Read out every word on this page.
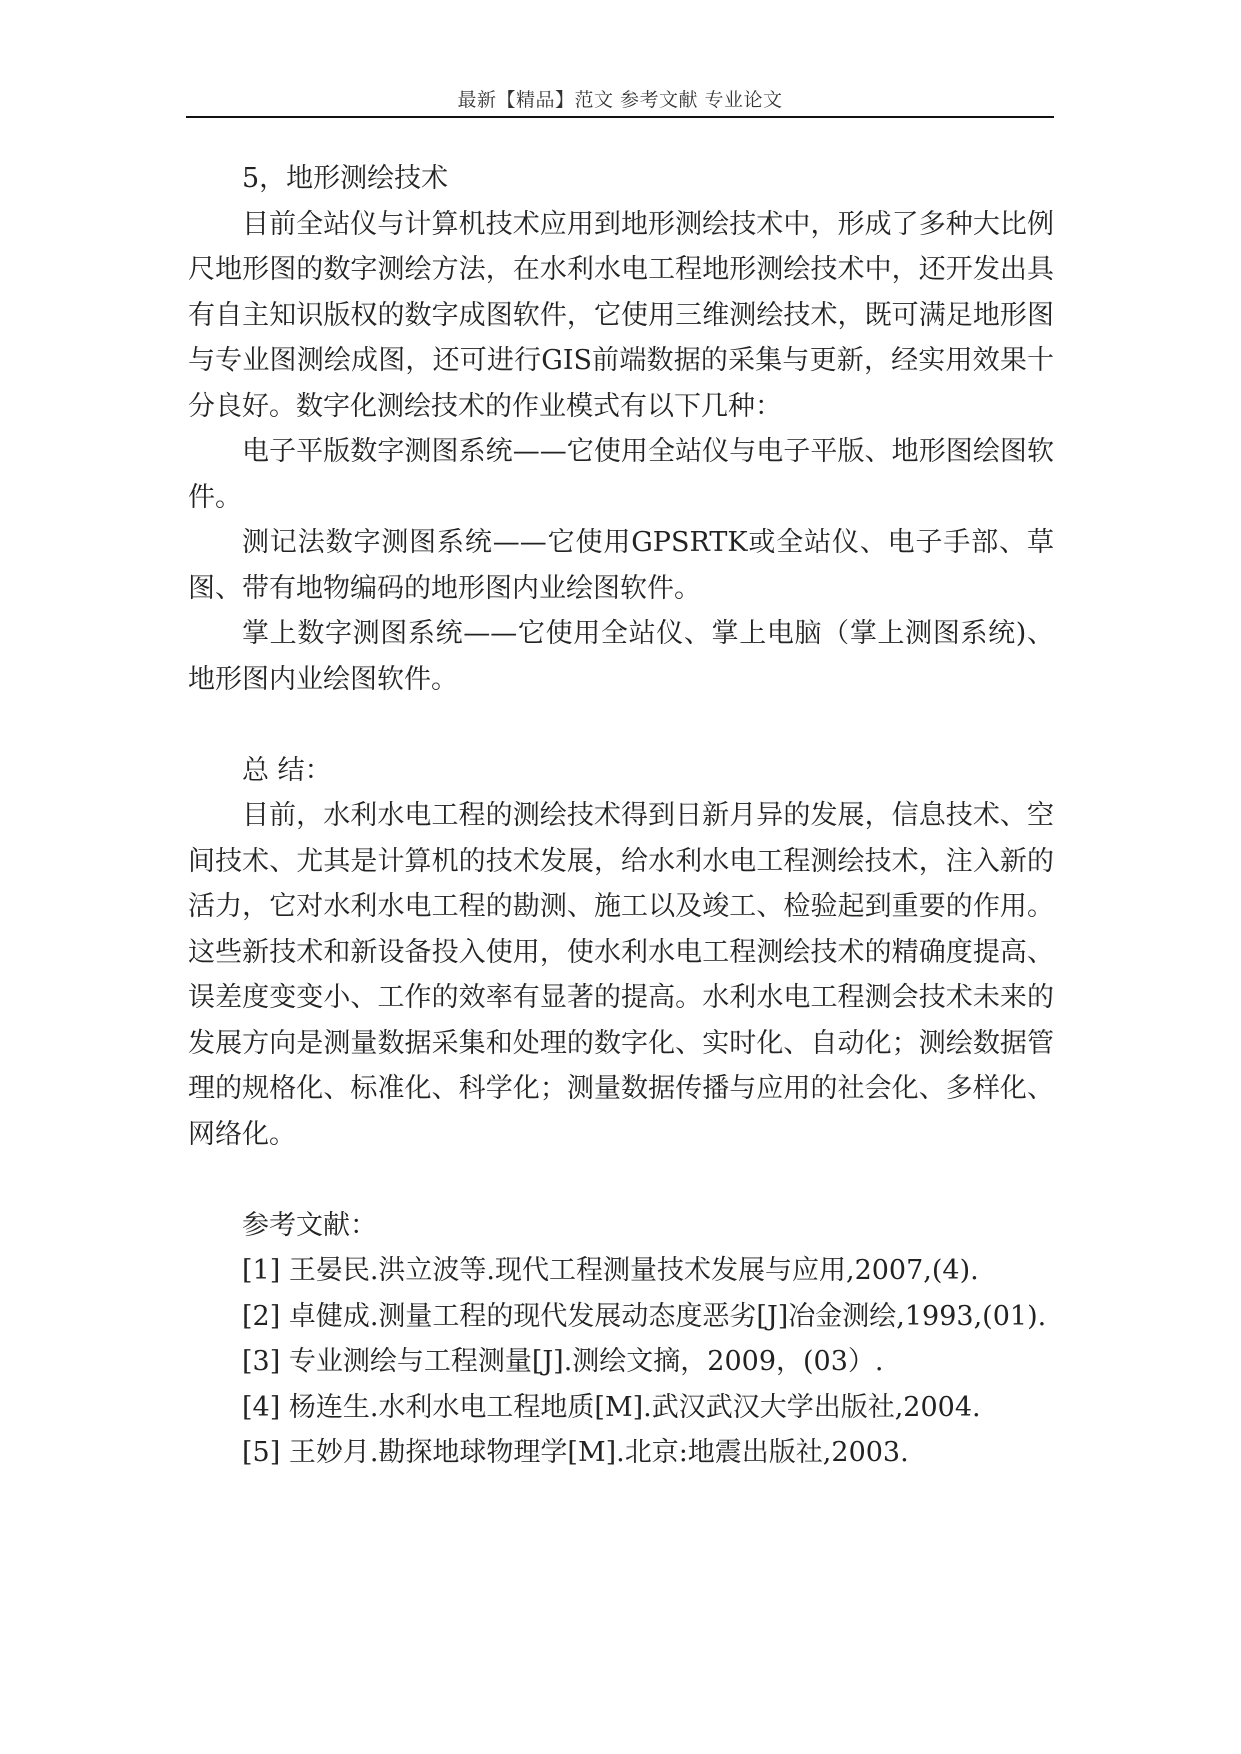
最新【精品】范文 参考文献 专业论文

5，地形测绘技术

目前全站仪与计算机技术应用到地形测绘技术中，形成了多种大比例尺地形图的数字测绘方法，在水利水电工程地形测绘技术中，还开发出具有自主知识版权的数字成图软件，它使用三维测绘技术，既可满足地形图与专业图测绘成图，还可进行GIS前端数据的采集与更新，经实用效果十分良好。数字化测绘技术的作业模式有以下几种：

电子平版数字测图系统——它使用全站仪与电子平版、地形图绘图软件。

测记法数字测图系统——它使用GPSRTK或全站仪、电子手部、草图、带有地物编码的地形图内业绘图软件。

掌上数字测图系统——它使用全站仪、掌上电脑（掌上测图系统)、地形图内业绘图软件。

总 结：

目前，水利水电工程的测绘技术得到日新月异的发展，信息技术、空间技术、尤其是计算机的技术发展，给水利水电工程测绘技术，注入新的活力，它对水利水电工程的勘测、施工以及竣工、检验起到重要的作用。这些新技术和新设备投入使用，使水利水电工程测绘技术的精确度提高、误差度变变小、工作的效率有显著的提高。水利水电工程测会技术未来的发展方向是测量数据采集和处理的数字化、实时化、自动化；测绘数据管理的规格化、标准化、科学化；测量数据传播与应用的社会化、多样化、网络化。

参考文献：

[1] 王晏民.洪立波等.现代工程测量技术发展与应用,2007,(4).

[2] 卓健成.测量工程的现代发展动态度恶劣[J]冶金测绘,1993,(01).

[3] 专业测绘与工程测量[J].测绘文摘，2009，(03）.

[4] 杨连生.水利水电工程地质[M].武汉武汉大学出版社,2004.

[5] 王妙月.勘探地球物理学[M].北京:地震出版社,2003.
